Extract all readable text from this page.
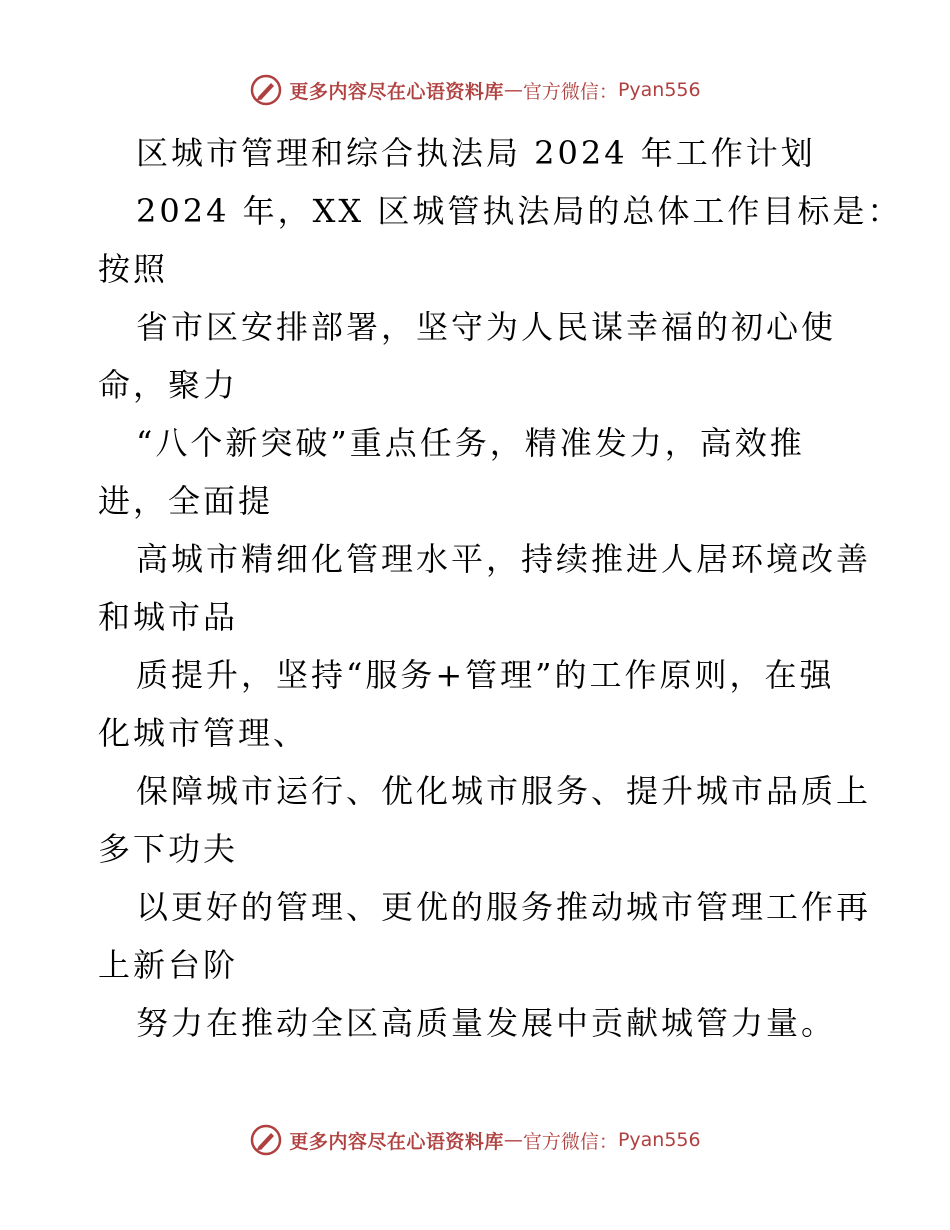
更多内容尽在心语资料库 — 官方微信： Pyan556
区城市管理和综合执法局 2024 年工作计划
2024 年，XX 区城管执法局的总体工作目标是：
按照
省市区安排部署，坚守为人民谋幸福的初心使
命，聚力
“八个新突破”重点任务，精准发力，高效推
进，全面提
高城市精细化管理水平，持续推进人居环境改善
和城市品
质提升，坚持“服务+管理”的工作原则，在强
化城市管理、
保障城市运行、优化城市服务、提升城市品质上
多下功夫
以更好的管理、更优的服务推动城市管理工作再
上新台阶
努力在推动全区高质量发展中贡献城管力量。
更多内容尽在心语资料库 — 官方微信： Pyan556
